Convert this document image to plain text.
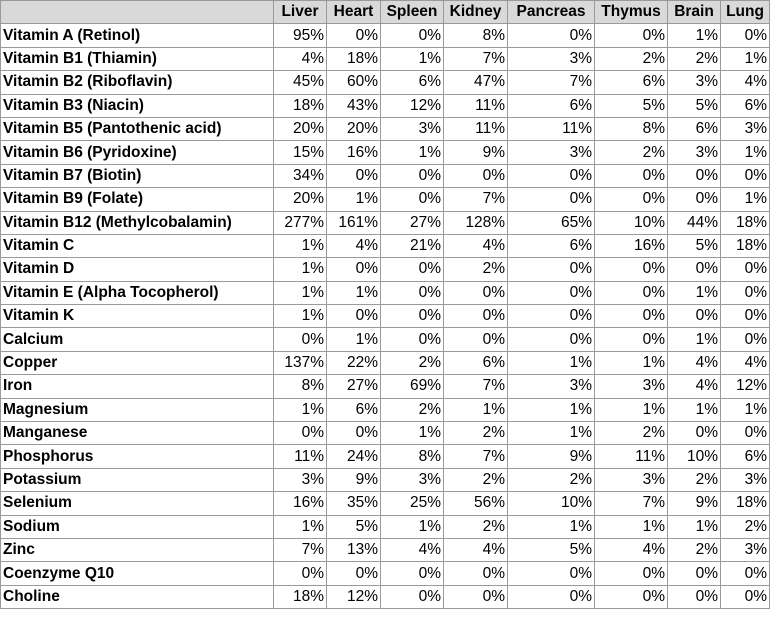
	Liver	Heart	Spleen	Kidney	Pancreas	Thymus	Brain	Lung
Vitamin A (Retinol)	95%	0%	0%	8%	0%	0%	1%	0%
Vitamin B1 (Thiamin)	4%	18%	1%	7%	3%	2%	2%	1%
Vitamin B2 (Riboflavin)	45%	60%	6%	47%	7%	6%	3%	4%
Vitamin B3 (Niacin)	18%	43%	12%	11%	6%	5%	5%	6%
Vitamin B5 (Pantothenic acid)	20%	20%	3%	11%	11%	8%	6%	3%
Vitamin B6 (Pyridoxine)	15%	16%	1%	9%	3%	2%	3%	1%
Vitamin B7 (Biotin)	34%	0%	0%	0%	0%	0%	0%	0%
Vitamin B9 (Folate)	20%	1%	0%	7%	0%	0%	0%	1%
Vitamin B12 (Methylcobalamin)	277%	161%	27%	128%	65%	10%	44%	18%
Vitamin C	1%	4%	21%	4%	6%	16%	5%	18%
Vitamin D	1%	0%	0%	2%	0%	0%	0%	0%
Vitamin E (Alpha Tocopherol)	1%	1%	0%	0%	0%	0%	1%	0%
Vitamin K	1%	0%	0%	0%	0%	0%	0%	0%
Calcium	0%	1%	0%	0%	0%	0%	1%	0%
Copper	137%	22%	2%	6%	1%	1%	4%	4%
Iron	8%	27%	69%	7%	3%	3%	4%	12%
Magnesium	1%	6%	2%	1%	1%	1%	1%	1%
Manganese	0%	0%	1%	2%	1%	2%	0%	0%
Phosphorus	11%	24%	8%	7%	9%	11%	10%	6%
Potassium	3%	9%	3%	2%	2%	3%	2%	3%
Selenium	16%	35%	25%	56%	10%	7%	9%	18%
Sodium	1%	5%	1%	2%	1%	1%	1%	2%
Zinc	7%	13%	4%	4%	5%	4%	2%	3%
Coenzyme Q10	0%	0%	0%	0%	0%	0%	0%	0%
Choline	18%	12%	0%	0%	0%	0%	0%	0%
